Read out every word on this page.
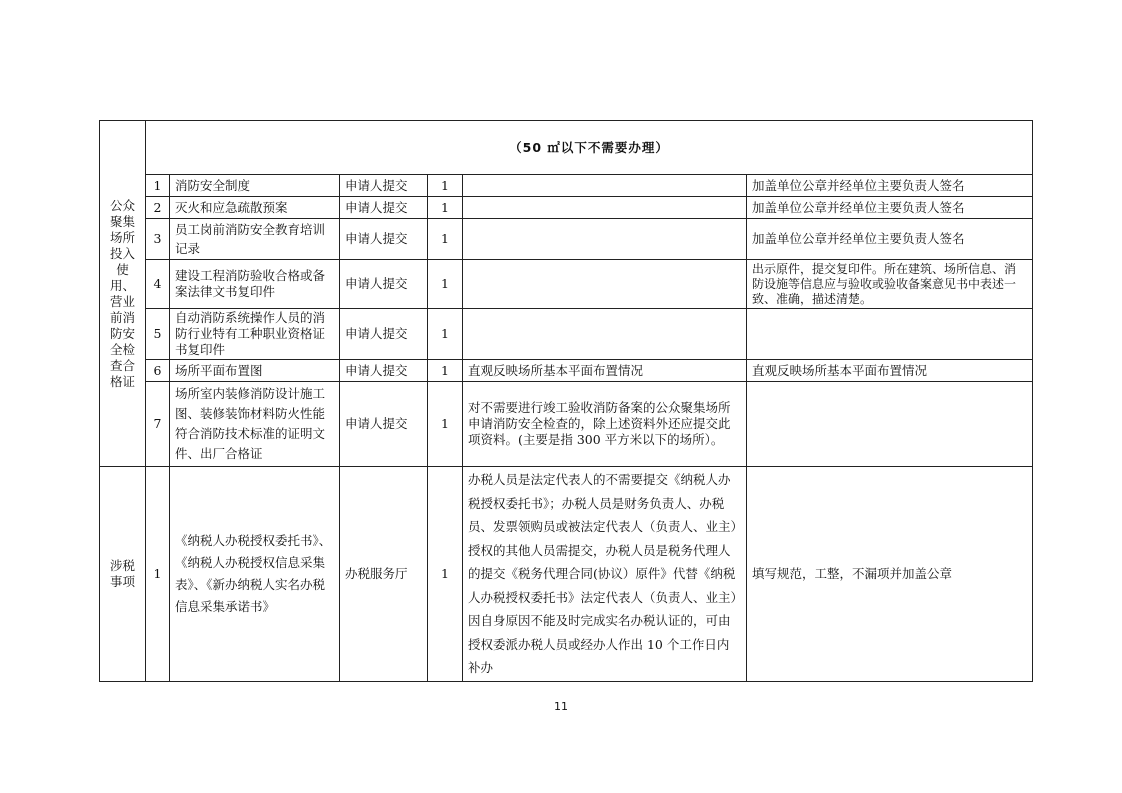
公众聚集场所投入使用、营业前消防安全检查合格证	（50 ㎡以下不需要办理）					
	1	消防安全制度	申请人提交	1		加盖单位公章并经单位主要负责人签名
	2	灭火和应急疏散预案	申请人提交	1		加盖单位公章并经单位主要负责人签名
	3	员工岗前消防安全教育培训记录	申请人提交	1		加盖单位公章并经单位主要负责人签名
	4	建设工程消防验收合格或备案法律文书复印件	申请人提交	1		出示原件，提交复印件。所在建筑、场所信息、消防设施等信息应与验收或验收备案意见书中表述一致、准确，描述清楚。
	5	自动消防系统操作人员的消防行业特有工种职业资格证书复印件	申请人提交	1		
	6	场所平面布置图	申请人提交	1	直观反映场所基本平面布置情况	直观反映场所基本平面布置情况
	7	场所室内装修消防设计施工图、装修装饰材料防火性能符合消防技术标准的证明文件、出厂合格证	申请人提交	1	对不需要进行竣工验收消防备案的公众聚集场所申请消防安全检查的，除上述资料外还应提交此项资料。(主要是指 300 平方米以下的场所）。	
涉税事项	1	《纳税人办税授权委托书》、《纳税人办税授权信息采集表》、《新办纳税人实名办税信息采集承诺书》	办税服务厅	1	办税人员是法定代表人的不需要提交《纳税人办税授权委托书》；办税人员是财务负责人、办税员、发票领购员或被法定代表人（负责人、业主）授权的其他人员需提交，办税人员是税务代理人的提交《税务代理合同(协议）原件》代替《纳税人办税授权委托书》法定代表人（负责人、业主）因自身原因不能及时完成实名办税认证的，可由授权委派办税人员或经办人作出 10 个工作日内补办	填写规范，工整，不漏项并加盖公章
11
